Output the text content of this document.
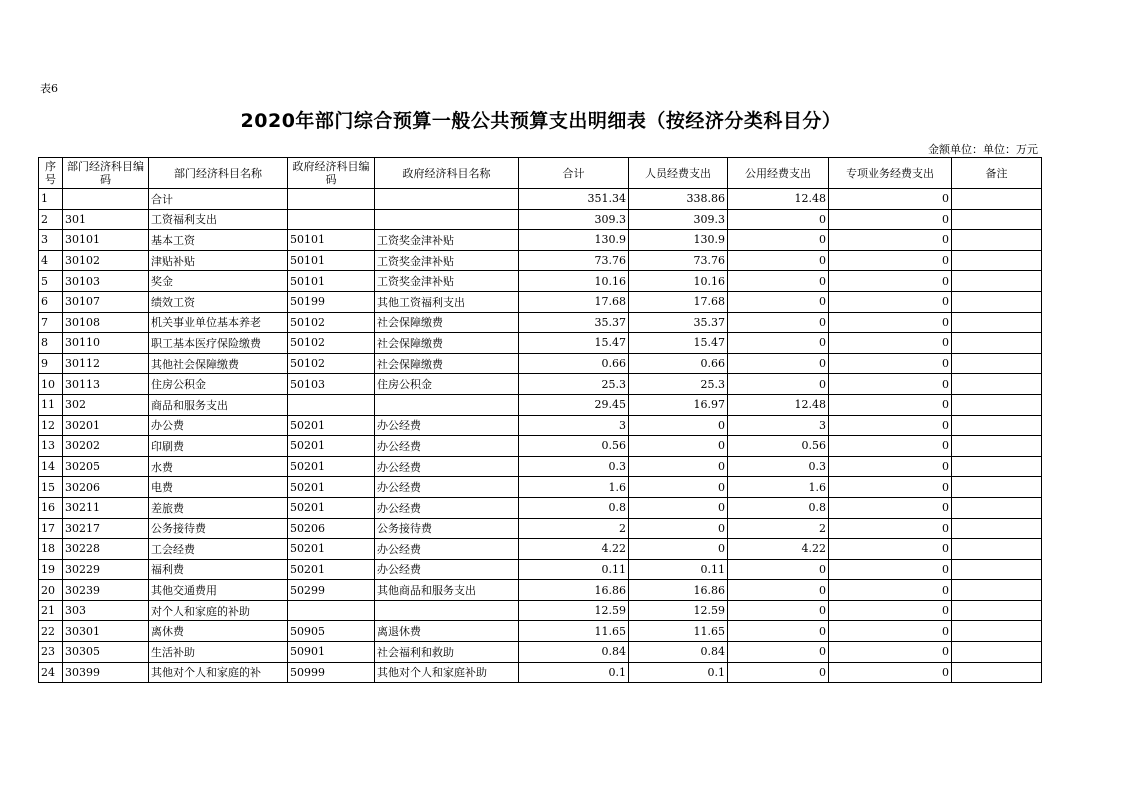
表6
2020年部门综合预算一般公共预算支出明细表（按经济分类科目分）
金额单位：单位：万元
序号	部门经济科目编码	部门经济科目名称	政府经济科目编码	政府经济科目名称	合计	人员经费支出	公用经费支出	专项业务经费支出	备注
1		合计			351.34	338.86	12.48	0	
2	301	工资福利支出			309.3	309.3	0	0	
3	30101	基本工资	50101	工资奖金津补贴	130.9	130.9	0	0	
4	30102	津贴补贴	50101	工资奖金津补贴	73.76	73.76	0	0	
5	30103	奖金	50101	工资奖金津补贴	10.16	10.16	0	0	
6	30107	绩效工资	50199	其他工资福利支出	17.68	17.68	0	0	
7	30108	机关事业单位基本养老	50102	社会保障缴费	35.37	35.37	0	0	
8	30110	职工基本医疗保险缴费	50102	社会保障缴费	15.47	15.47	0	0	
9	30112	其他社会保障缴费	50102	社会保障缴费	0.66	0.66	0	0	
10	30113	住房公积金	50103	住房公积金	25.3	25.3	0	0	
11	302	商品和服务支出			29.45	16.97	12.48	0	
12	30201	办公费	50201	办公经费	3	0	3	0	
13	30202	印刷费	50201	办公经费	0.56	0	0.56	0	
14	30205	水费	50201	办公经费	0.3	0	0.3	0	
15	30206	电费	50201	办公经费	1.6	0	1.6	0	
16	30211	差旅费	50201	办公经费	0.8	0	0.8	0	
17	30217	公务接待费	50206	公务接待费	2	0	2	0	
18	30228	工会经费	50201	办公经费	4.22	0	4.22	0	
19	30229	福利费	50201	办公经费	0.11	0.11	0	0	
20	30239	其他交通费用	50299	其他商品和服务支出	16.86	16.86	0	0	
21	303	对个人和家庭的补助			12.59	12.59	0	0	
22	30301	离休费	50905	离退休费	11.65	11.65	0	0	
23	30305	生活补助	50901	社会福利和救助	0.84	0.84	0	0	
24	30399	其他对个人和家庭的补	50999	其他对个人和家庭补助	0.1	0.1	0	0	
